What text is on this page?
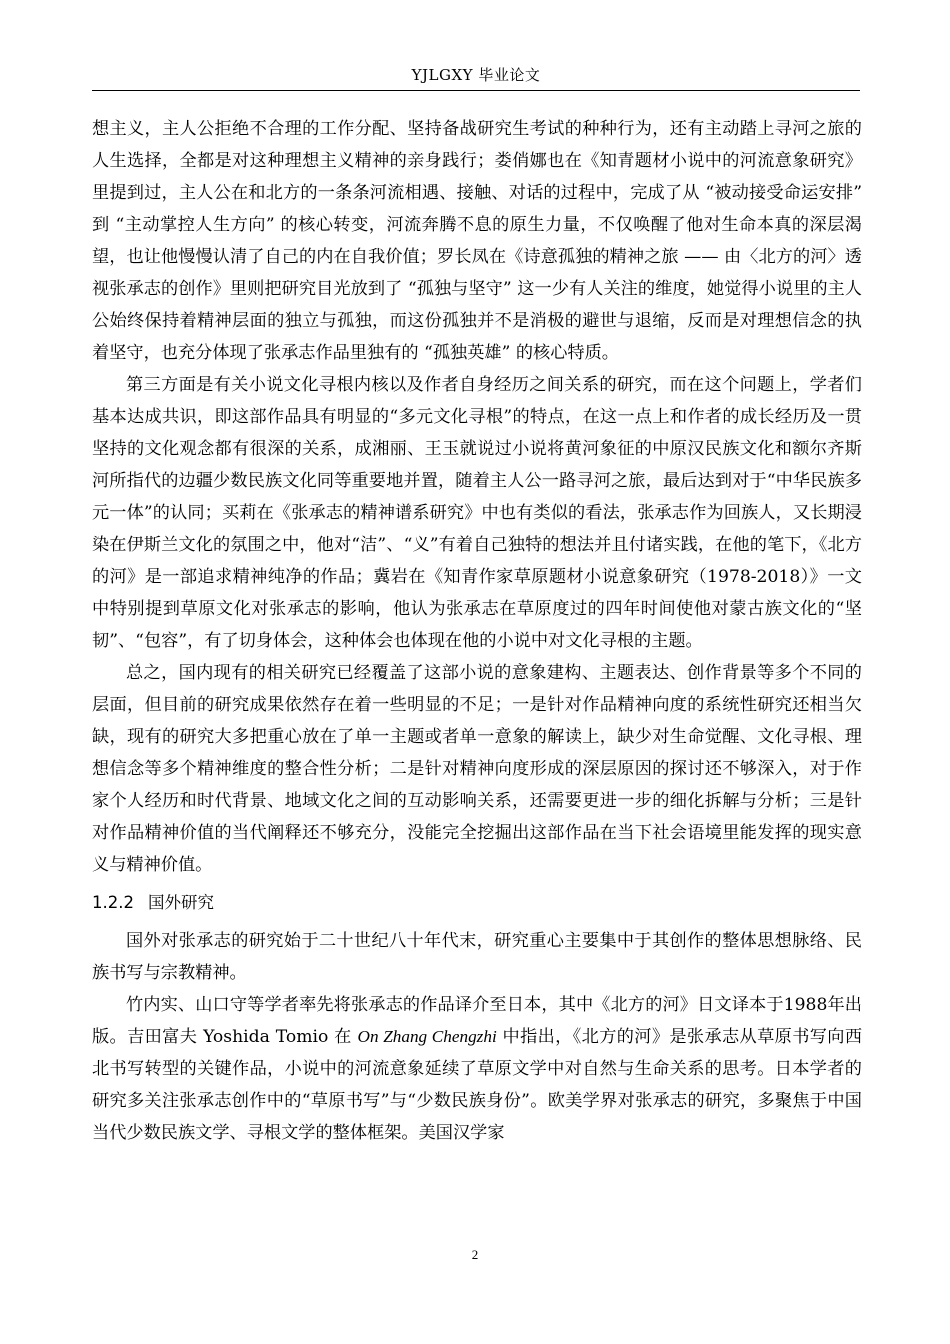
YJLGXY 毕业论文

想主义，主人公拒绝不合理的工作分配、坚持备战研究生考试的种种行为，还有主动踏上寻河之旅的人生选择，全都是对这种理想主义精神的亲身践行；娄俏娜也在《知青题材小说中的河流意象研究》里提到过，主人公在和北方的一条条河流相遇、接触、对话的过程中，完成了从 “被动接受命运安排” 到 “主动掌控人生方向” 的核心转变，河流奔腾不息的原生力量，不仅唤醒了他对生命本真的深层渴望，也让他慢慢认清了自己的内在自我价值；罗长凤在《诗意孤独的精神之旅 —— 由〈北方的河〉透视张承志的创作》里则把研究目光放到了 “孤独与坚守” 这一少有人关注的维度，她觉得小说里的主人公始终保持着精神层面的独立与孤独，而这份孤独并不是消极的避世与退缩，反而是对理想信念的执着坚守，也充分体现了张承志作品里独有的 “孤独英雄” 的核心特质。

第三方面是有关小说文化寻根内核以及作者自身经历之间关系的研究，而在这个问题上，学者们基本达成共识，即这部作品具有明显的“多元文化寻根”的特点，在这一点上和作者的成长经历及一贯坚持的文化观念都有很深的关系，成湘丽、王玉就说过小说将黄河象征的中原汉民族文化和额尔齐斯河所指代的边疆少数民族文化同等重要地并置，随着主人公一路寻河之旅，最后达到对于“中华民族多元一体”的认同；买莉在《张承志的精神谱系研究》中也有类似的看法，张承志作为回族人，又长期浸染在伊斯兰文化的氛围之中，他对“洁”、“义”有着自己独特的想法并且付诸实践，在他的笔下，《北方的河》是一部追求精神纯净的作品；冀岩在《知青作家草原题材小说意象研究（1978-2018）》一文中特别提到草原文化对张承志的影响，他认为张承志在草原度过的四年时间使他对蒙古族文化的“坚韧”、“包容”，有了切身体会，这种体会也体现在他的小说中对文化寻根的主题。

总之，国内现有的相关研究已经覆盖了这部小说的意象建构、主题表达、创作背景等多个不同的层面，但目前的研究成果依然存在着一些明显的不足；一是针对作品精神向度的系统性研究还相当欠缺，现有的研究大多把重心放在了单一主题或者单一意象的解读上，缺少对生命觉醒、文化寻根、理想信念等多个精神维度的整合性分析；二是针对精神向度形成的深层原因的探讨还不够深入，对于作家个人经历和时代背景、地域文化之间的互动影响关系，还需要更进一步的细化拆解与分析；三是针对作品精神价值的当代阐释还不够充分，没能完全挖掘出这部作品在当下社会语境里能发挥的现实意义与精神价值。

1.2.2 国外研究

国外对张承志的研究始于二十世纪八十年代末，研究重心主要集中于其创作的整体思想脉络、民族书写与宗教精神。

竹内实、山口守等学者率先将张承志的作品译介至日本，其中《北方的河》日文译本于1988年出版。吉田富夫 Yoshida Tomio 在 On Zhang Chengzhi 中指出，《北方的河》是张承志从草原书写向西北书写转型的关键作品，小说中的河流意象延续了草原文学中对自然与生命关系的思考。日本学者的研究多关注张承志创作中的“草原书写”与“少数民族身份”。欧美学界对张承志的研究，多聚焦于中国当代少数民族文学、寻根文学的整体框架。美国汉学家

2
